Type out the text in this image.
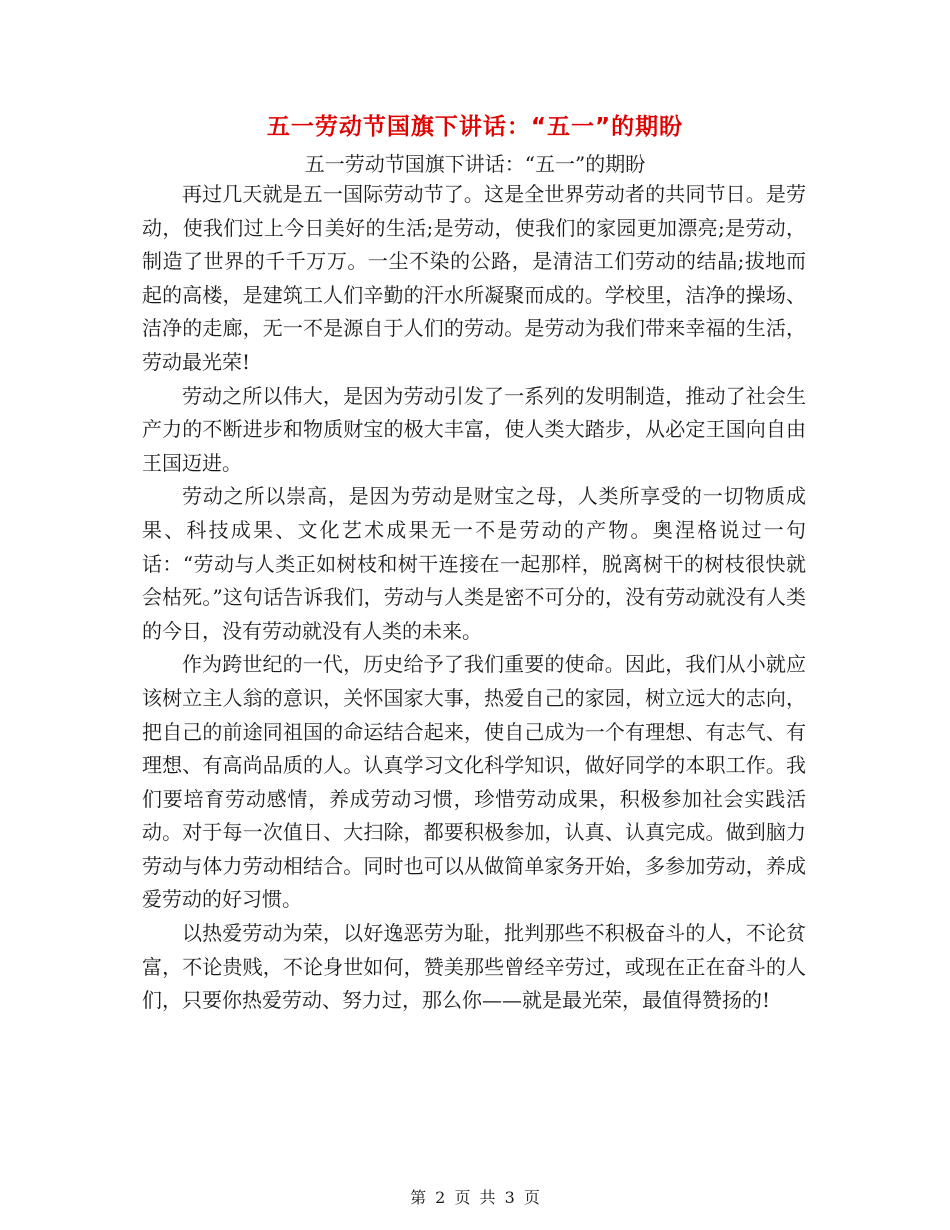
五一劳动节国旗下讲话：“五一”的期盼
五一劳动节国旗下讲话：“五一”的期盼

再过几天就是五一国际劳动节了。这是全世界劳动者的共同节日。是劳动，使我们过上今日美好的生活;是劳动，使我们的家园更加漂亮;是劳动，制造了世界的千千万万。一尘不染的公路，是清洁工们劳动的结晶;拔地而起的高楼，是建筑工人们辛勤的汗水所凝聚而成的。学校里，洁净的操场、洁净的走廊，无一不是源自于人们的劳动。是劳动为我们带来幸福的生活，劳动最光荣!

劳动之所以伟大，是因为劳动引发了一系列的发明制造，推动了社会生产力的不断进步和物质财宝的极大丰富，使人类大踏步，从必定王国向自由王国迈进。

劳动之所以崇高，是因为劳动是财宝之母，人类所享受的一切物质成果、科技成果、文化艺术成果无一不是劳动的产物。奥涅格说过一句话：“劳动与人类正如树枝和树干连接在一起那样，脱离树干的树枝很快就会枯死。”这句话告诉我们，劳动与人类是密不可分的，没有劳动就没有人类的今日，没有劳动就没有人类的未来。

作为跨世纪的一代，历史给予了我们重要的使命。因此，我们从小就应该树立主人翁的意识，关怀国家大事，热爱自己的家园，树立远大的志向，把自己的前途同祖国的命运结合起来，使自己成为一个有理想、有志气、有理想、有高尚品质的人。认真学习文化科学知识，做好同学的本职工作。我们要培育劳动感情，养成劳动习惯，珍惜劳动成果，积极参加社会实践活动。对于每一次值日、大扫除，都要积极参加，认真、认真完成。做到脑力劳动与体力劳动相结合。同时也可以从做简单家务开始，多参加劳动，养成爱劳动的好习惯。

以热爱劳动为荣，以好逸恶劳为耻，批判那些不积极奋斗的人，不论贫富，不论贵贱，不论身世如何，赞美那些曾经辛劳过，或现在正在奋斗的人们，只要你热爱劳动、努力过，那么你——就是最光荣，最值得赞扬的!

第 2 页 共 3 页
